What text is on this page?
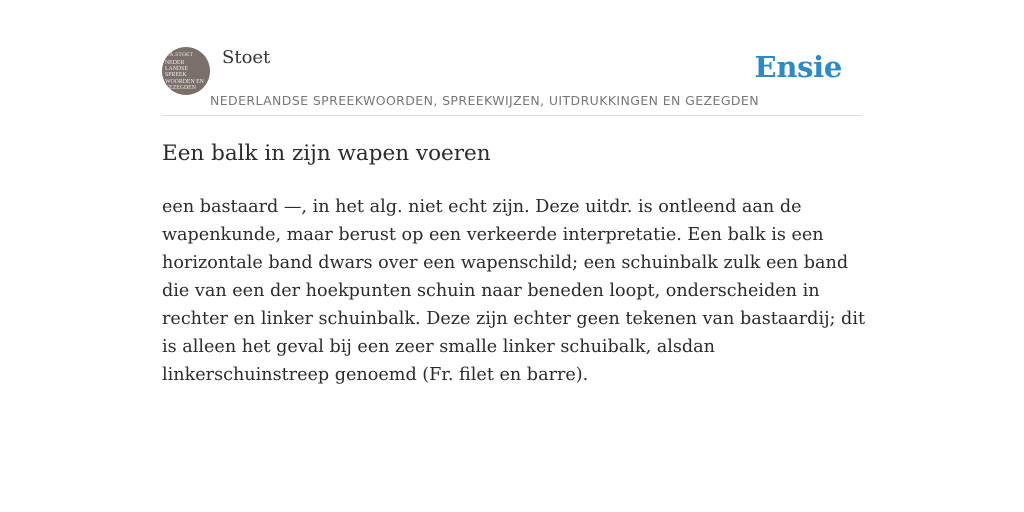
F.A.STOET
NEDER
LANDSE
SPREEK
WOORDEN EN
GEZEGDEN
Stoet
NEDERLANDSE SPREEKWOORDEN, SPREEKWIJZEN, UITDRUKKINGEN EN GEZEGDEN
Ensie
Een balk in zijn wapen voeren

een bastaard —, in het alg. niet echt zijn. Deze uitdr. is ontleend aan de wapenkunde, maar berust op een verkeerde interpretatie. Een balk is een horizontale band dwars over een wapenschild; een schuinbalk zulk een band die van een der hoekpunten schuin naar beneden loopt, onderscheiden in rechter en linker schuinbalk. Deze zijn echter geen tekenen van bastaardij; dit is alleen het geval bij een zeer smalle linker schuibalk, alsdan linkerschuinstreep genoemd (Fr. filet en barre).
